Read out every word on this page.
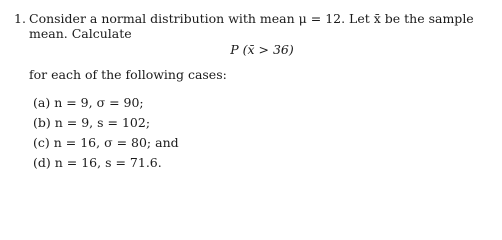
1. Consider a normal distribution with mean μ = 12. Let x̄ be the sample
mean. Calculate
P (x̄ > 36)
for each of the following cases:
(a) n = 9, σ = 90;
(b) n = 9, s = 102;
(c) n = 16, σ = 80; and
(d) n = 16, s = 71.6.
